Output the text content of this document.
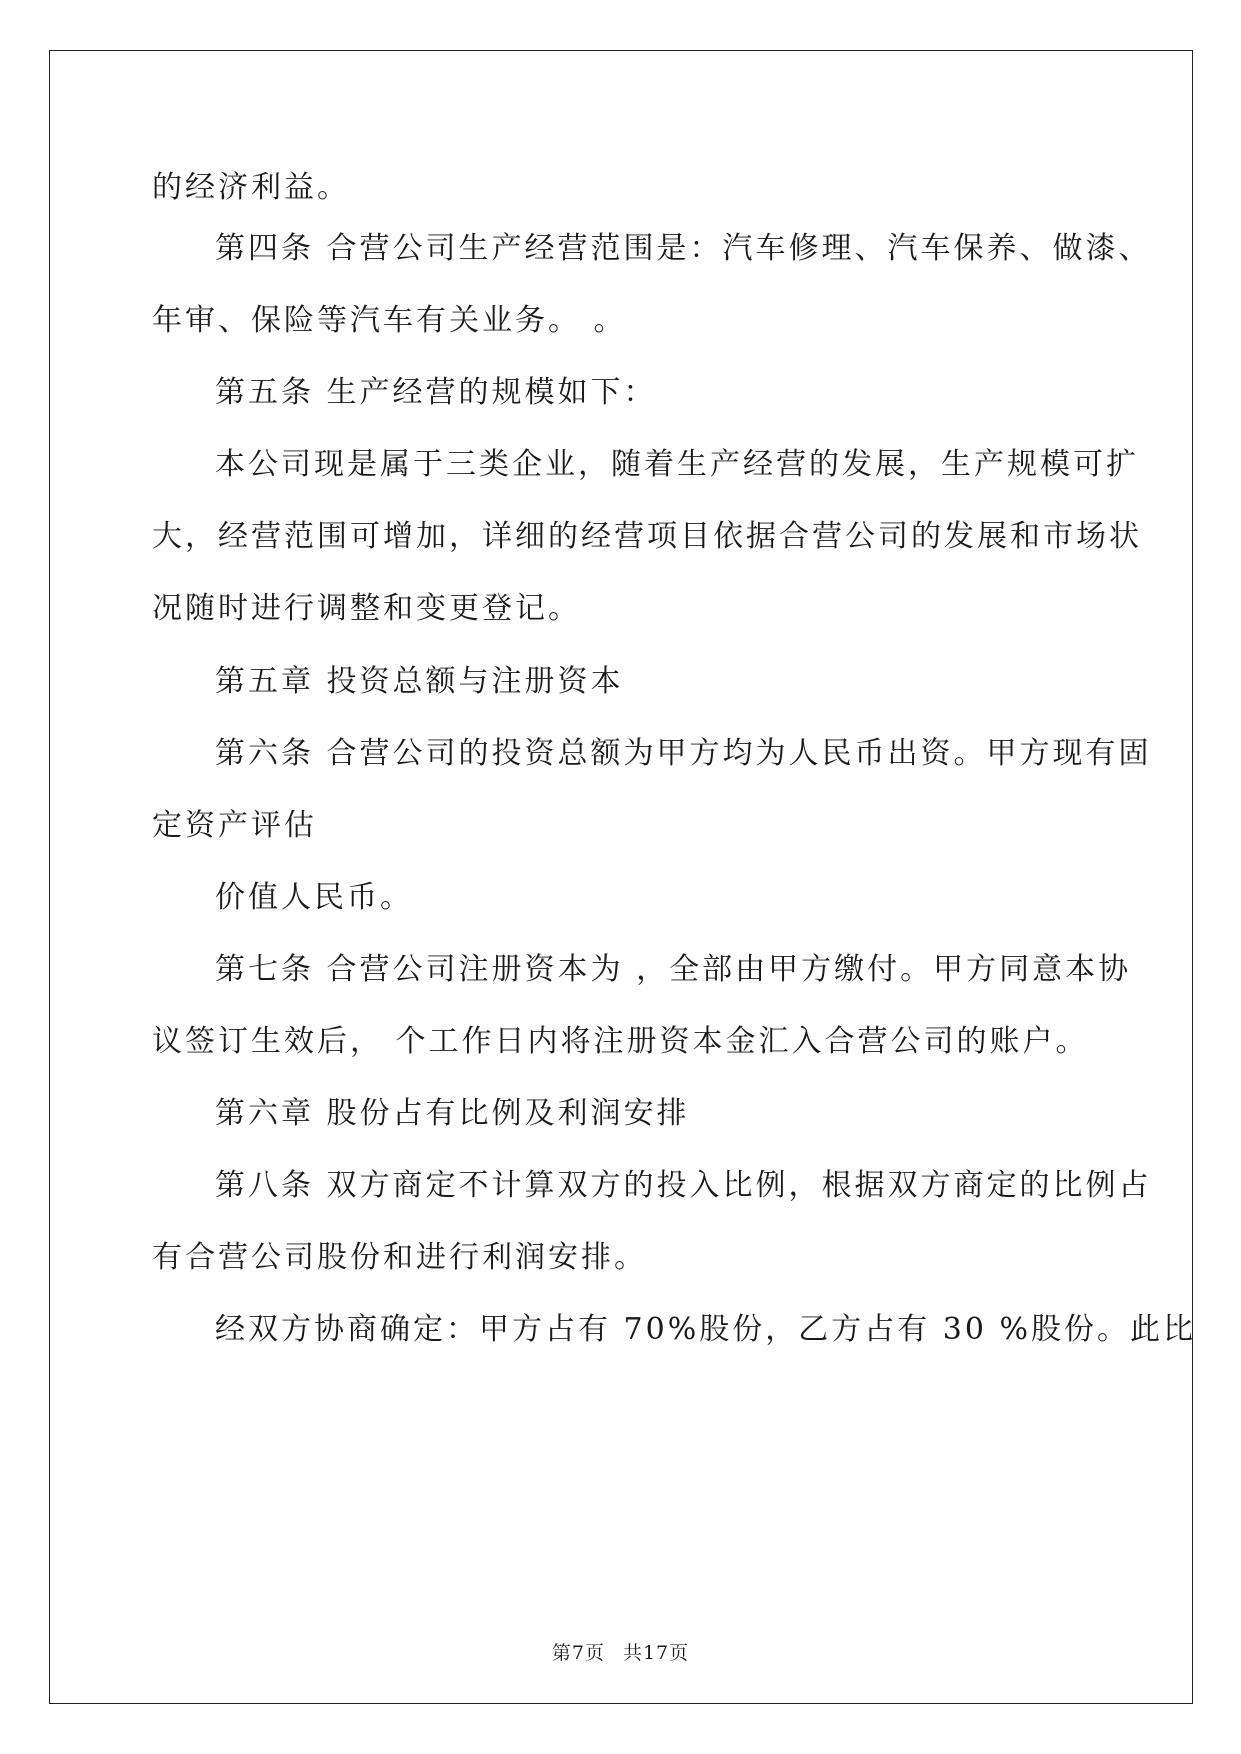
的经济利益。
第四条 合营公司生产经营范围是：汽车修理、汽车保养、做漆、
年审、保险等汽车有关业务。 。
第五条 生产经营的规模如下：
本公司现是属于三类企业，随着生产经营的发展，生产规模可扩
大，经营范围可增加，详细的经营项目依据合营公司的发展和市场状
况随时进行调整和变更登记。
第五章 投资总额与注册资本
第六条 合营公司的投资总额为甲方均为人民币出资。甲方现有固
定资产评估
价值人民币。
第七条 合营公司注册资本为 ，全部由甲方缴付。甲方同意本协
议签订生效后， 个工作日内将注册资本金汇入合营公司的账户。
第六章 股份占有比例及利润安排
第八条 双方商定不计算双方的投入比例，根据双方商定的比例占
有合营公司股份和进行利润安排。
经双方协商确定：甲方占有 70%股份，乙方占有 30 %股份。此比
第7页 共17页
